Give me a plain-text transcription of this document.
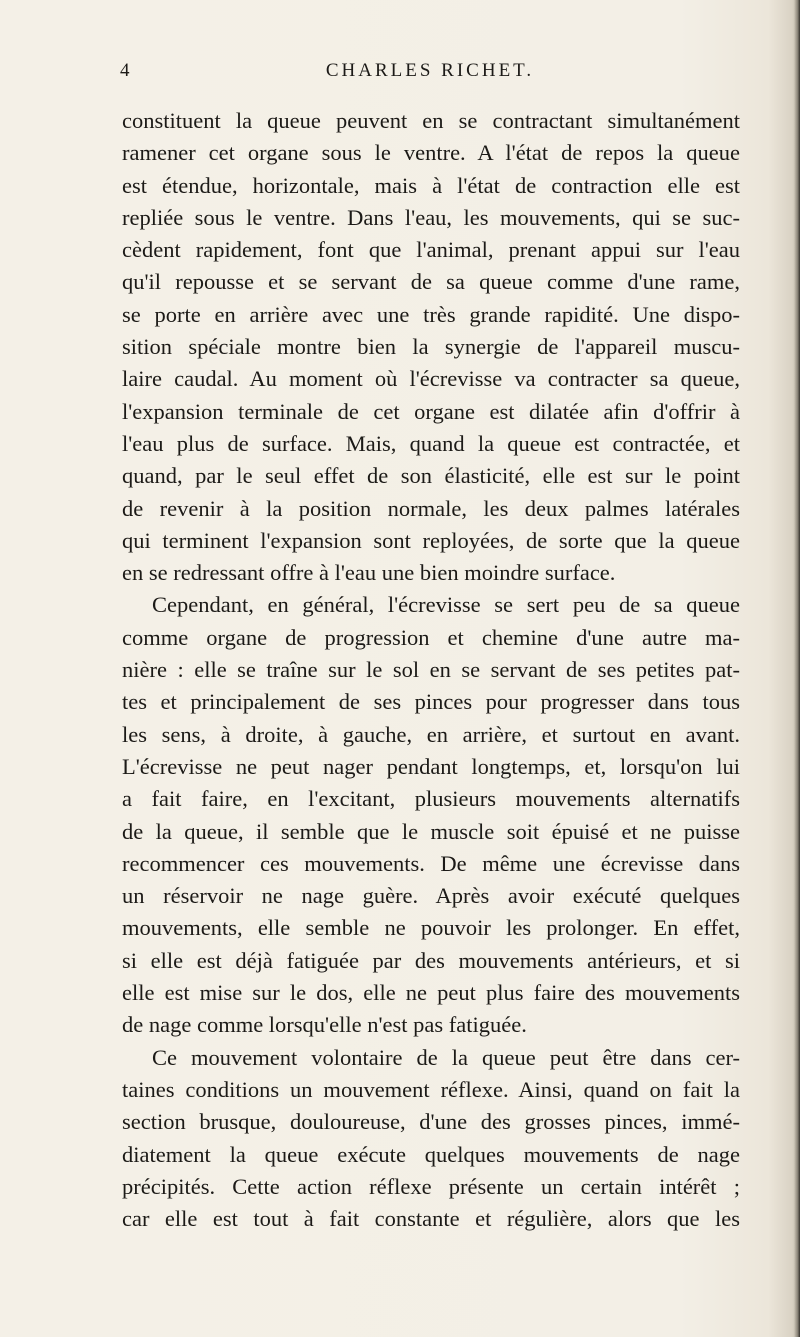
4	CHARLES RICHET.
constituent la queue peuvent en se contractant simultanément
ramener cet organe sous le ventre. A l'état de repos la queue
est étendue, horizontale, mais à l'état de contraction elle est
repliée sous le ventre. Dans l'eau, les mouvements, qui se suc-
cèdent rapidement, font que l'animal, prenant appui sur l'eau
qu'il repousse et se servant de sa queue comme d'une rame,
se porte en arrière avec une très grande rapidité. Une dispo-
sition spéciale montre bien la synergie de l'appareil muscu-
laire caudal. Au moment où l'écrevisse va contracter sa queue,
l'expansion terminale de cet organe est dilatée afin d'offrir à
l'eau plus de surface. Mais, quand la queue est contractée, et
quand, par le seul effet de son élasticité, elle est sur le point
de revenir à la position normale, les deux palmes latérales
qui terminent l'expansion sont reployées, de sorte que la queue
en se redressant offre à l'eau une bien moindre surface.
Cependant, en général, l'écrevisse se sert peu de sa queue
comme organe de progression et chemine d'une autre ma-
nière : elle se traîne sur le sol en se servant de ses petites pat-
tes et principalement de ses pinces pour progresser dans tous
les sens, à droite, à gauche, en arrière, et surtout en avant.
L'écrevisse ne peut nager pendant longtemps, et, lorsqu'on lui
a fait faire, en l'excitant, plusieurs mouvements alternatifs
de la queue, il semble que le muscle soit épuisé et ne puisse
recommencer ces mouvements. De même une écrevisse dans
un réservoir ne nage guère. Après avoir exécuté quelques
mouvements, elle semble ne pouvoir les prolonger. En effet,
si elle est déjà fatiguée par des mouvements antérieurs, et si
elle est mise sur le dos, elle ne peut plus faire des mouvements
de nage comme lorsqu'elle n'est pas fatiguée.
Ce mouvement volontaire de la queue peut être dans cer-
taines conditions un mouvement réflexe. Ainsi, quand on fait la
section brusque, douloureuse, d'une des grosses pinces, immé-
diatement la queue exécute quelques mouvements de nage
précipités. Cette action réflexe présente un certain intérêt ;
car elle est tout à fait constante et régulière, alors que les
